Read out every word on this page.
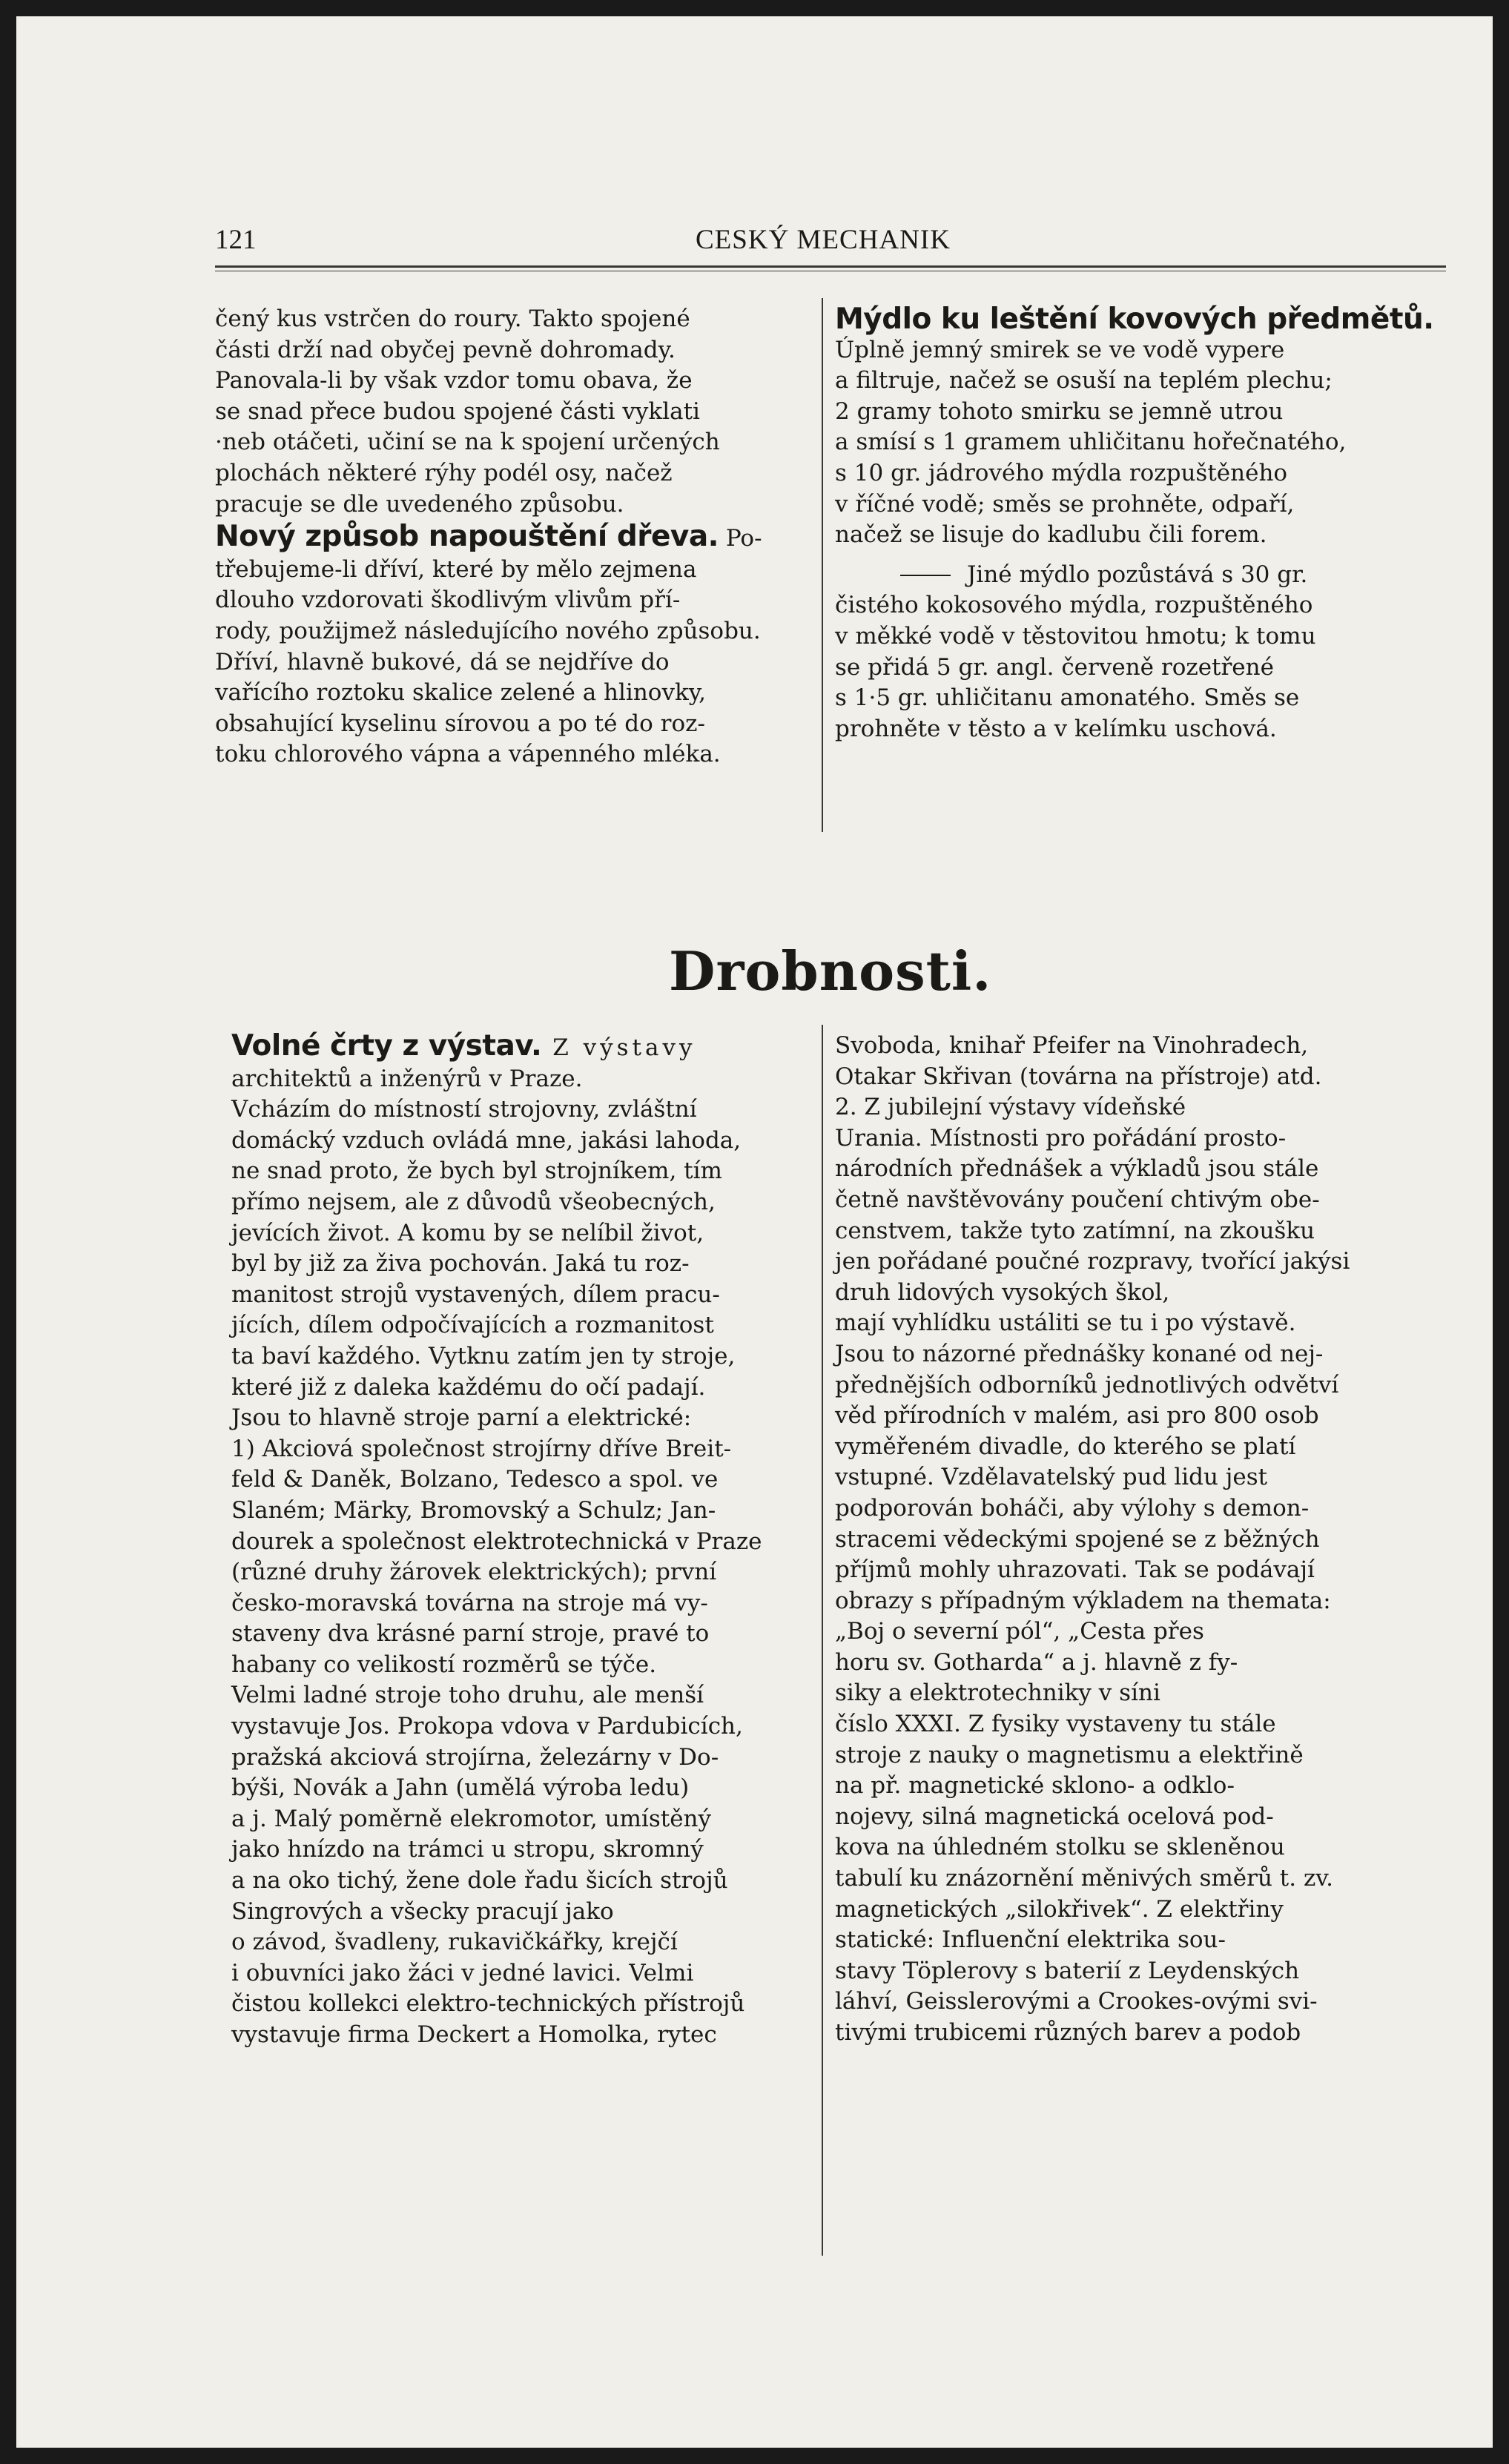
121	CESKÝ MECHANIK
čený kus vstrčen do roury. Takto spojené
části drží nad obyčej pevně dohromady.
Panovala-li by však vzdor tomu obava, že
se snad přece budou spojené části vyklati
·neb otáčeti, učiní se na k spojení určených
plochách některé rýhy podél osy, načež
pracuje se dle uvedeného způsobu.
Nový způsob napouštění dřeva. Po-
třebujeme-li dříví, které by mělo zejmena
dlouho vzdorovati škodlivým vlivům pří-
rody, použijmež následujícího nového způsobu.
Dříví, hlavně bukové, dá se nejdříve do
vařícího roztoku skalice zelené a hlinovky,
obsahující kyselinu sírovou a po té do roz-
toku chlorového vápna a vápenného mléka.
Mýdlo ku leštění kovových předmětů.
Úplně jemný smirek se ve vodě vypere
a filtruje, načež se osuší na teplém plechu;
2 gramy tohoto smirku se jemně utrou
a smísí s 1 gramem uhličitanu hořečnatého,
s 10 gr. jádrového mýdla rozpuštěného
v říčné vodě; směs se prohněte, odpaří,
načež se lisuje do kadlubu čili forem.
Jiné mýdlo pozůstává s 30 gr.
čistého kokosového mýdla, rozpuštěného
v měkké vodě v těstovitou hmotu; k tomu
se přidá 5 gr. angl. červeně rozetřené
s 1·5 gr. uhličitanu amonatého. Směs se
prohněte v těsto a v kelímku uschová.
Drobnosti.
Volné črty z výstav. Z výstavy
architektů a inženýrů v Praze.
Vcházím do místností strojovny, zvláštní
domácký vzduch ovládá mne, jakási lahoda,
ne snad proto, že bych byl strojníkem, tím
přímo nejsem, ale z důvodů všeobecných,
jevících život. A komu by se nelíbil život,
byl by již za živa pochován. Jaká tu roz-
manitost strojů vystavených, dílem pracu-
jících, dílem odpočívajících a rozmanitost
ta baví každého. Vytknu zatím jen ty stroje,
které již z daleka každému do očí padají.
Jsou to hlavně stroje parní a elektrické:
1) Akciová společnost strojírny dříve Breit-
feld & Daněk, Bolzano, Tedesco a spol. ve
Slaném; Märky, Bromovský a Schulz; Jan-
dourek a společnost elektrotechnická v Praze
(různé druhy žárovek elektrických); první
česko-moravská továrna na stroje má vy-
staveny dva krásné parní stroje, pravé to
habany co velikostí rozměrů se týče.
Velmi ladné stroje toho druhu, ale menší
vystavuje Jos. Prokopa vdova v Pardubicích,
pražská akciová strojírna, železárny v Do-
býši, Novák a Jahn (umělá výroba ledu)
a j. Malý poměrně elekromotor, umístěný
jako hnízdo na trámci u stropu, skromný
a na oko tichý, žene dole řadu šicích strojů
Singrových a všecky pracují jako
o závod, švadleny, rukavičkářky, krejčí
i obuvníci jako žáci v jedné lavici. Velmi
čistou kollekci elektro-technických přístrojů
vystavuje firma Deckert a Homolka, rytec
Svoboda, knihař Pfeifer na Vinohradech,
Otakar Skřivan (továrna na přístroje) atd.
2. Z jubilejní výstavy vídeňské
Urania. Místnosti pro pořádání prosto-
národních přednášek a výkladů jsou stále
četně navštěvovány poučení chtivým obe-
censtvem, takže tyto zatímní, na zkoušku
jen pořádané poučné rozpravy, tvořící jakýsi
druh lidových vysokých škol,
mají vyhlídku ustáliti se tu i po výstavě.
Jsou to názorné přednášky konané od nej-
přednějších odborníků jednotlivých odvětví
věd přírodních v malém, asi pro 800 osob
vyměřeném divadle, do kterého se platí
vstupné. Vzdělavatelský pud lidu jest
podporován boháči, aby výlohy s demon-
stracemi vědeckými spojené se z běžných
příjmů mohly uhrazovati. Tak se podávají
obrazy s případným výkladem na themata:
„Boj o severní pól“, „Cesta přes
horu sv. Gotharda“ a j. hlavně z fy-
siky a elektrotechniky v síni
číslo XXXI. Z fysiky vystaveny tu stále
stroje z nauky o magnetismu a elektřině
na př. magnetické sklono- a odklo-
nojevy, silná magnetická ocelová pod-
kova na úhledném stolku se skleněnou
tabulí ku znázornění měnivých směrů t. zv.
magnetických „silokřivek“. Z elektřiny
statické: Influenční elektrika sou-
stavy Töplerovy s baterií z Leydenských
láhví, Geisslerovými a Crookes-ovými svi-
tivými trubicemi různých barev a podob
